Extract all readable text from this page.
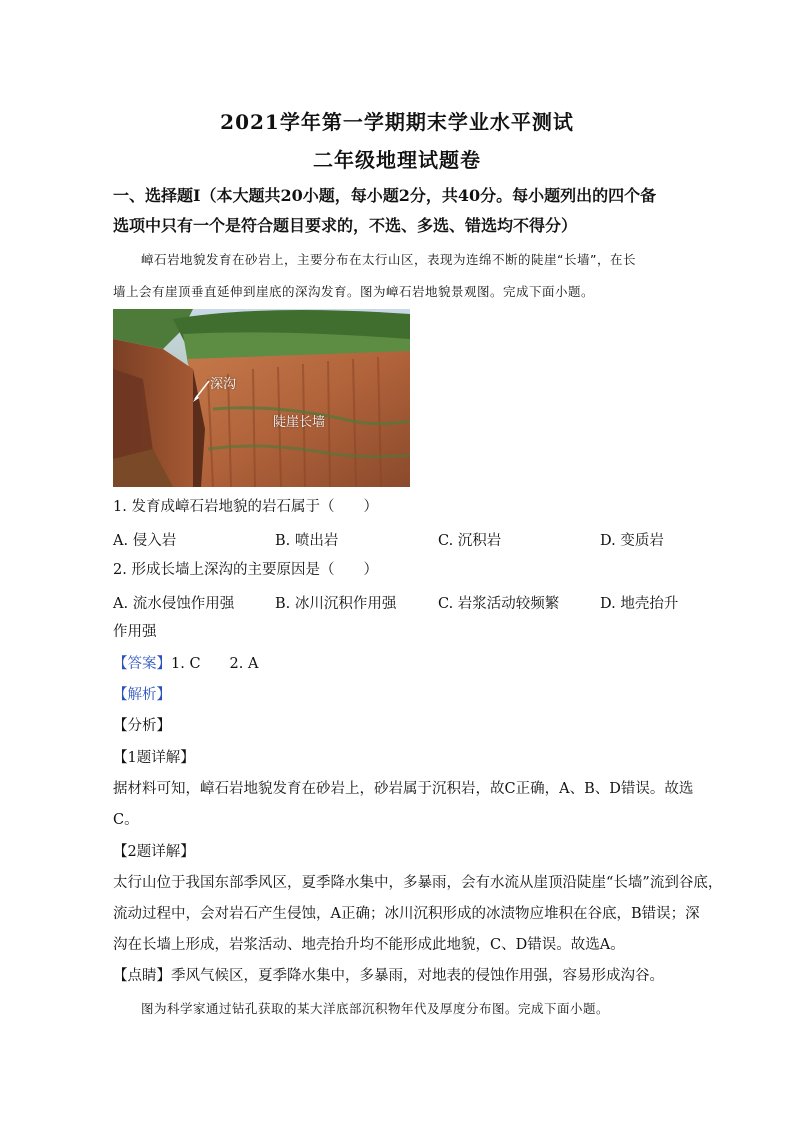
2021学年第一学期期末学业水平测试
二年级地理试题卷
一、选择题Ⅰ（本大题共20小题，每小题2分，共40分。每小题列出的四个备
选项中只有一个是符合题目要求的，不选、多选、错选均不得分）
嶂石岩地貌发育在砂岩上，主要分布在太行山区，表现为连绵不断的陡崖“长墙”，在长
墙上会有崖顶垂直延伸到崖底的深沟发育。图为嶂石岩地貌景观图。完成下面小题。
深沟
陡崖长墙
1. 发育成嶂石岩地貌的岩石属于（　　）
A. 侵入岩	B. 喷出岩	C. 沉积岩	D. 变质岩
2. 形成长墙上深沟的主要原因是（　　）
A. 流水侵蚀作用强	B. 冰川沉积作用强	C. 岩浆活动较频繁	D. 地壳抬升
作用强
【答案】1. C　　2. A
【解析】
【分析】
【1题详解】
据材料可知，嶂石岩地貌发育在砂岩上，砂岩属于沉积岩，故C正确，A、B、D错误。故选
C。
【2题详解】
太行山位于我国东部季风区，夏季降水集中，多暴雨，会有水流从崖顶沿陡崖“长墙”流到谷底，
流动过程中，会对岩石产生侵蚀，A正确；冰川沉积形成的冰渍物应堆积在谷底，B错误；深
沟在长墙上形成，岩浆活动、地壳抬升均不能形成此地貌，C、D错误。故选A。
【点睛】季风气候区，夏季降水集中，多暴雨，对地表的侵蚀作用强，容易形成沟谷。
图为科学家通过钻孔获取的某大洋底部沉积物年代及厚度分布图。完成下面小题。
